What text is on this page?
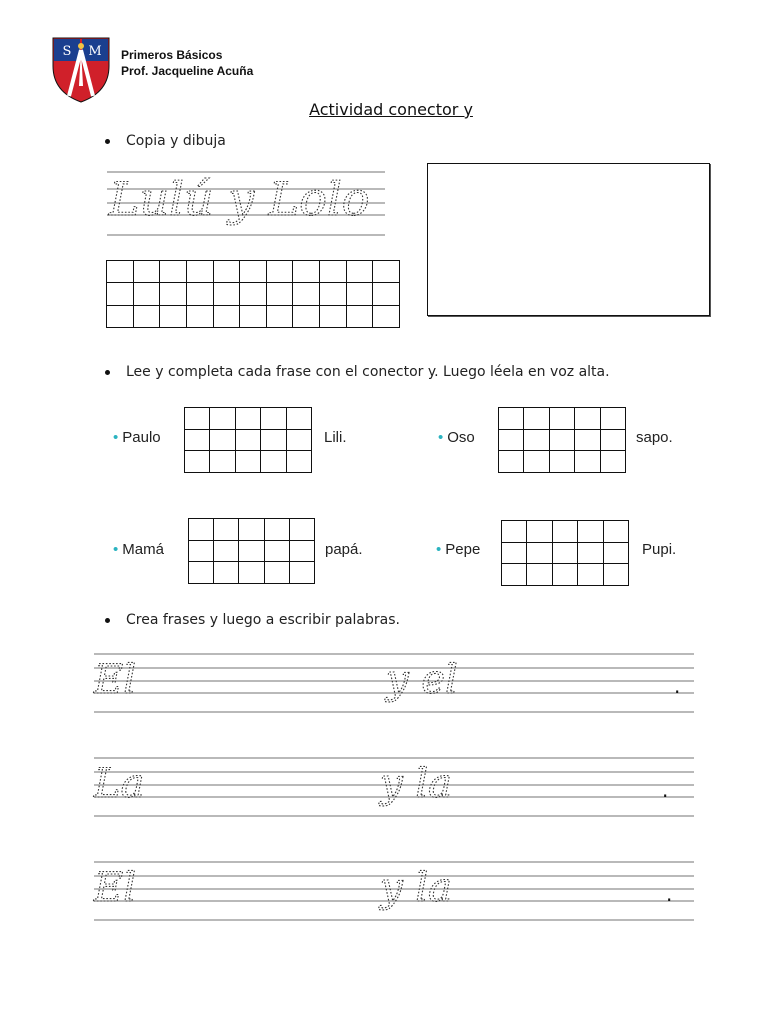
S M Primeros Básicos
Prof. Jacqueline Acuña
Actividad conector y
Copia y dibuja
Lulú y Lolo

Lee y completa cada frase con el conector y. Luego léela en voz alta.
• Paulo

					Lili.	• Oso

					sapo.
• Mamá

					papá.	• Pepe

					Pupi.
Crea frases y luego a escribir palabras.
El	y el	.
La	y la	.
El	y la	.
